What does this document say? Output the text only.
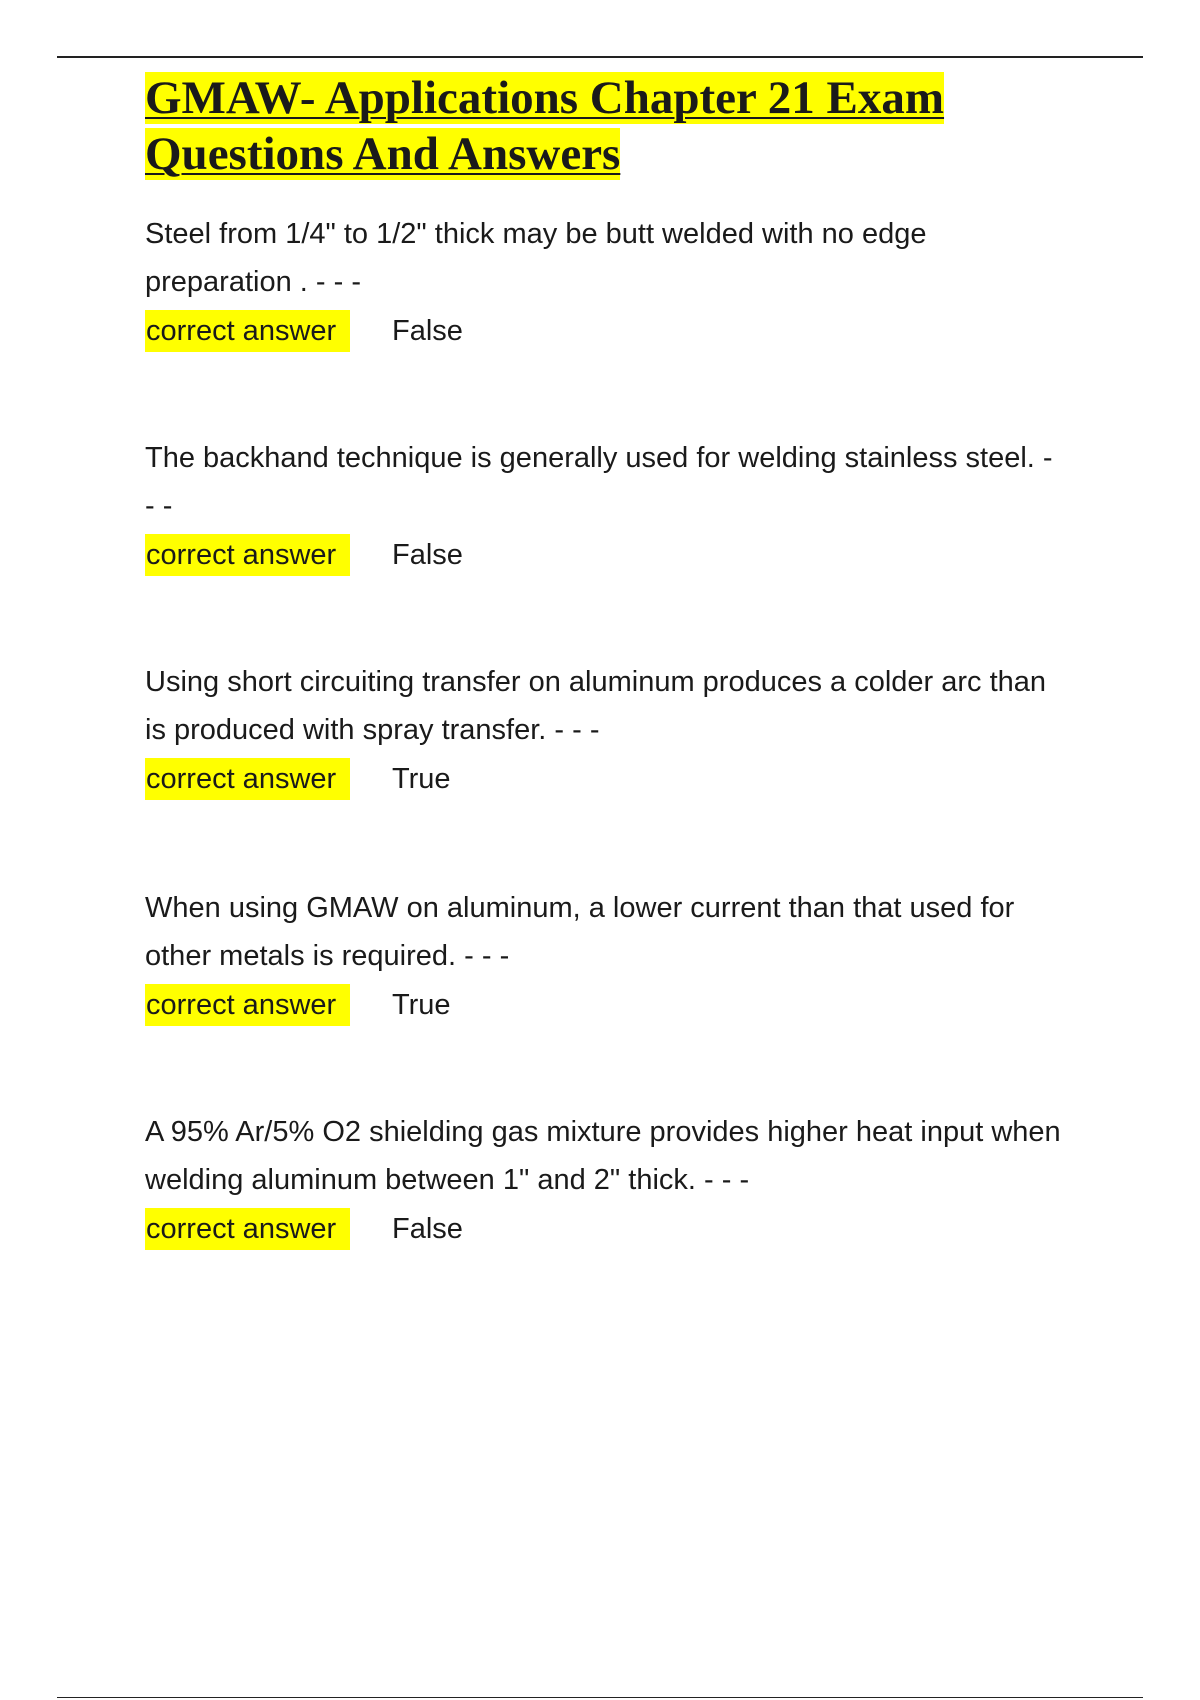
GMAW- Applications Chapter 21 Exam Questions And Answers

Steel from 1/4" to 1/2" thick may be butt welded with no edge preparation . - - -

correct answer	False

The backhand technique is generally used for welding stainless steel. - - -

correct answer	False

Using short circuiting transfer on aluminum produces a colder arc than is produced with spray transfer. - - -

correct answer	True

When using GMAW on aluminum, a lower current than that used for other metals is required. - - -

correct answer	True

A 95% Ar/5% O2 shielding gas mixture provides higher heat input when welding aluminum between 1" and 2" thick. - - -

correct answer	False
